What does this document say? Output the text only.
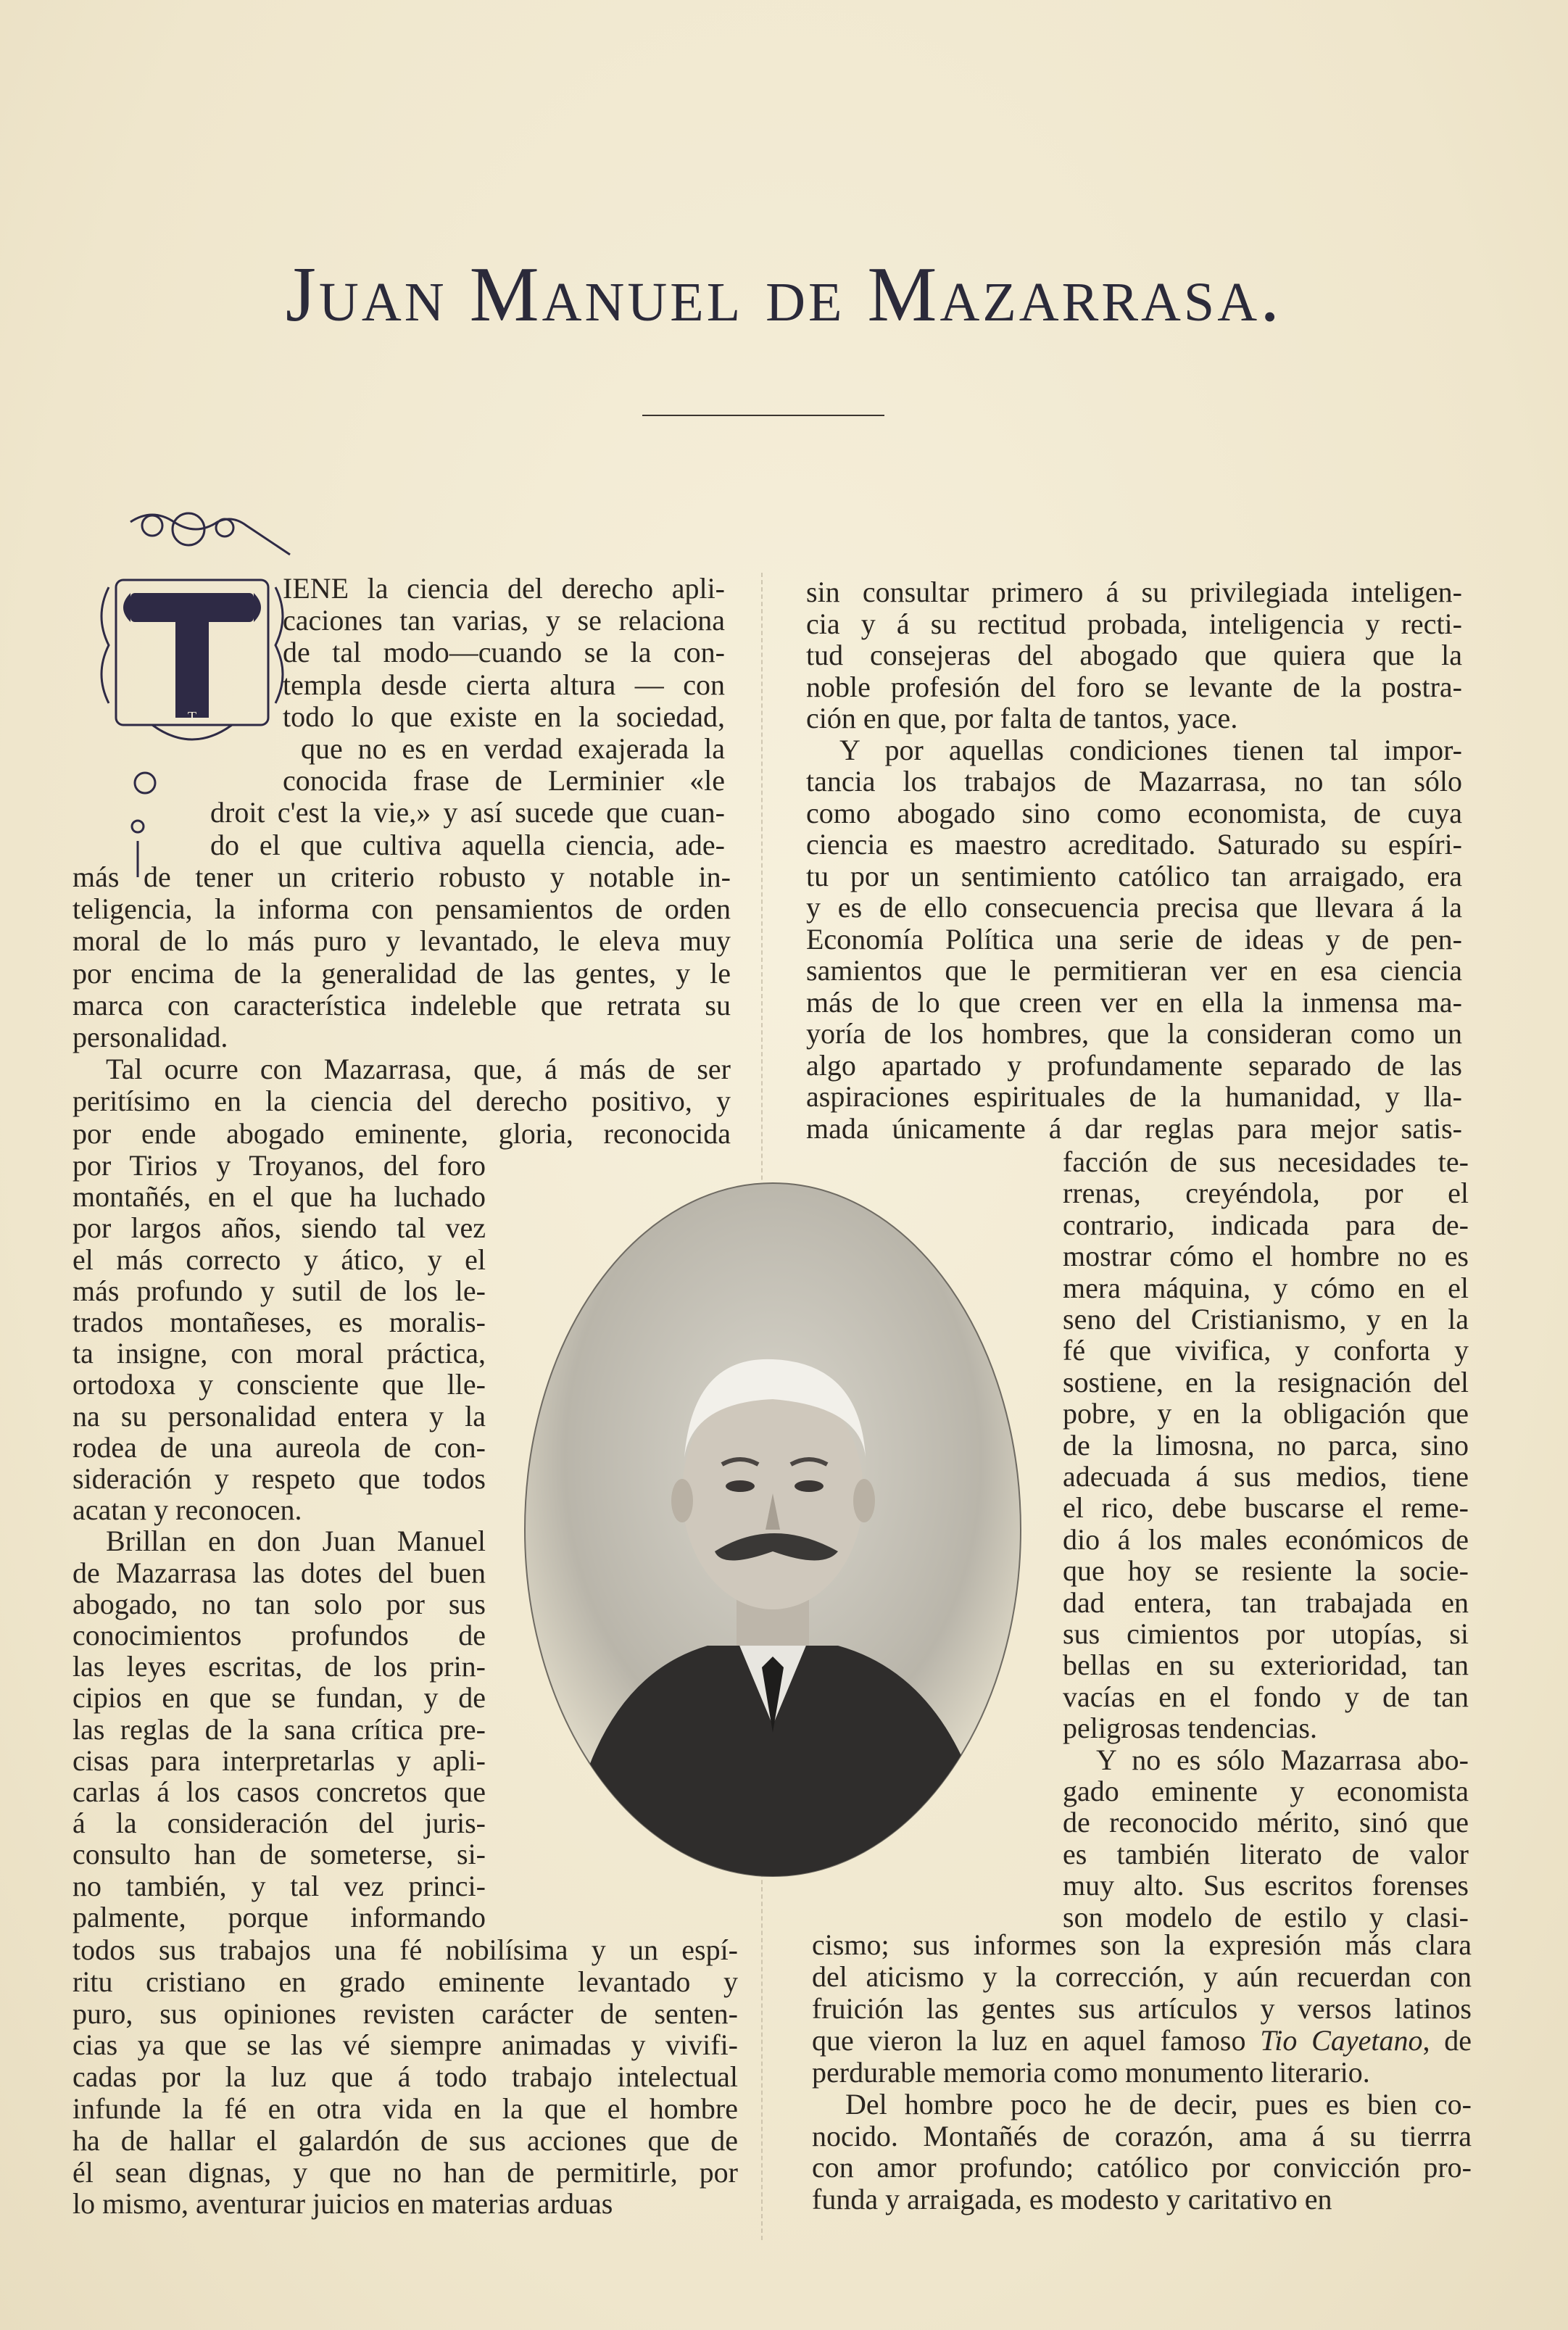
Juan Manuel de Mazarrasa.
T
IENE la ciencia del derecho apli-
caciones tan varias, y se relaciona
de tal modo—cuando se la con-
templa desde cierta altura — con
todo lo que existe en la sociedad,
que no es en verdad exajerada la
conocida frase de Lerminier «le
droit c'est la vie,» y así sucede que cuan-
do el que cultiva aquella ciencia, ade-
más de tener un criterio robusto y notable in-
teligencia, la informa con pensamientos de orden
moral de lo más puro y levantado, le eleva muy
por encima de la generalidad de las gentes, y le
marca con característica indeleble que retrata su
personalidad.
Tal ocurre con Mazarrasa, que, á más de ser
peritísimo en la ciencia del derecho positivo, y
por ende abogado eminente, gloria, reconocida
por Tirios y Troyanos, del foro
montañés, en el que ha luchado
por largos años, siendo tal vez
el más correcto y ático, y el
más profundo y sutil de los le-
trados montañeses, es moralis-
ta insigne, con moral práctica,
ortodoxa y consciente que lle-
na su personalidad entera y la
rodea de una aureola de con-
sideración y respeto que todos
acatan y reconocen.
Brillan en don Juan Manuel
de Mazarrasa las dotes del buen
abogado, no tan solo por sus
conocimientos profundos de
las leyes escritas, de los prin-
cipios en que se fundan, y de
las reglas de la sana crítica pre-
cisas para interpretarlas y apli-
carlas á los casos concretos que
á la consideración del juris-
consulto han de someterse, si-
no también, y tal vez princi-
palmente, porque informando
todos sus trabajos una fé nobilísima y un espí-
ritu cristiano en grado eminente levantado y
puro, sus opiniones revisten carácter de senten-
cias ya que se las vé siempre animadas y vivifi-
cadas por la luz que á todo trabajo intelectual
infunde la fé en otra vida en la que el hombre
ha de hallar el galardón de sus acciones que de
él sean dignas, y que no han de permitirle, por
lo mismo, aventurar juicios en materias arduas
sin consultar primero á su privilegiada inteligen-
cia y á su rectitud probada, inteligencia y recti-
tud consejeras del abogado que quiera que la
noble profesión del foro se levante de la postra-
ción en que, por falta de tantos, yace.
Y por aquellas condiciones tienen tal impor-
tancia los trabajos de Mazarrasa, no tan sólo
como abogado sino como economista, de cuya
ciencia es maestro acreditado. Saturado su espíri-
tu por un sentimiento católico tan arraigado, era
y es de ello consecuencia precisa que llevara á la
Economía Política una serie de ideas y de pen-
samientos que le permitieran ver en esa ciencia
más de lo que creen ver en ella la inmensa ma-
yoría de los hombres, que la consideran como un
algo apartado y profundamente separado de las
aspiraciones espirituales de la humanidad, y lla-
mada únicamente á dar reglas para mejor satis-
facción de sus necesidades te-
rrenas, creyéndola, por el
contrario, indicada para de-
mostrar cómo el hombre no es
mera máquina, y cómo en el
seno del Cristianismo, y en la
fé que vivifica, y conforta y
sostiene, en la resignación del
pobre, y en la obligación que
de la limosna, no parca, sino
adecuada á sus medios, tiene
el rico, debe buscarse el reme-
dio á los males económicos de
que hoy se resiente la socie-
dad entera, tan trabajada en
sus cimientos por utopías, si
bellas en su exterioridad, tan
vacías en el fondo y de tan
peligrosas tendencias.
Y no es sólo Mazarrasa abo-
gado eminente y economista
de reconocido mérito, sinó que
es también literato de valor
muy alto. Sus escritos forenses
son modelo de estilo y clasi-
cismo; sus informes son la expresión más clara
del aticismo y la corrección, y aún recuerdan con
fruición las gentes sus artículos y versos latinos
que vieron la luz en aquel famoso Tio Cayetano, de
perdurable memoria como monumento literario.
Del hombre poco he de decir, pues es bien co-
nocido. Montañés de corazón, ama á su tierrra
con amor profundo; católico por convicción pro-
funda y arraigada, es modesto y caritativo en
